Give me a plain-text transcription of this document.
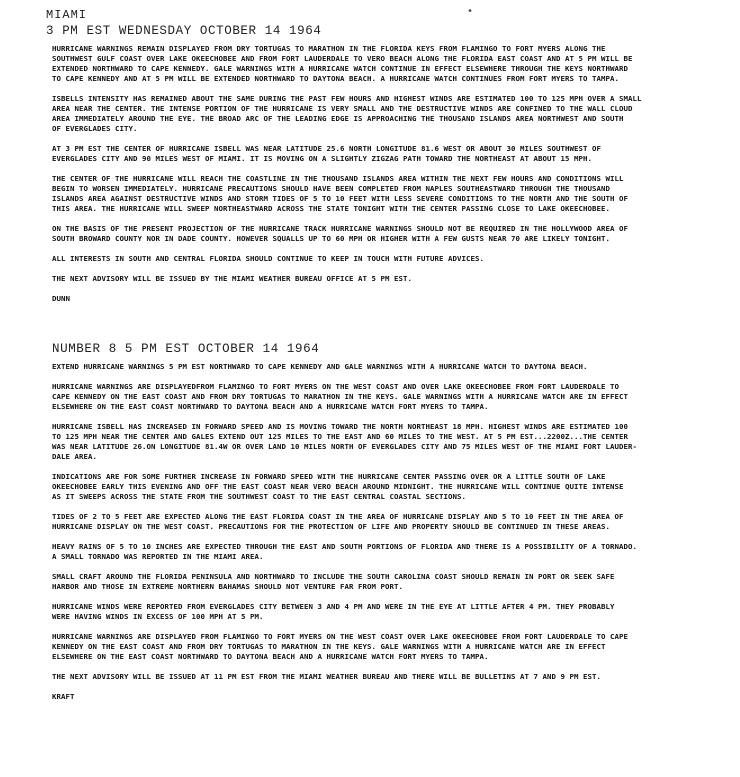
MIAMI
3 PM EST WEDNESDAY OCTOBER 14 1964
•
HURRICANE WARNINGS REMAIN DISPLAYED FROM DRY TORTUGAS TO MARATHON IN THE FLORIDA KEYS FROM FLAMINGO TO FORT MYERS ALONG THE
SOUTHWEST GULF COAST OVER LAKE OKEECHOBEE AND FROM FORT LAUDERDALE TO VERO BEACH ALONG THE FLORIDA EAST COAST AND AT 5 PM WILL BE
EXTENDED NORTHWARD TO CAPE KENNEDY. GALE WARNINGS WITH A HURRICANE WATCH CONTINUE IN EFFECT ELSEWHERE THROUGH THE KEYS NORTHWARD
TO CAPE KENNEDY AND AT 5 PM WILL BE EXTENDED NORTHWARD TO DAYTONA BEACH. A HURRICANE WATCH CONTINUES FROM FORT MYERS TO TAMPA.
ISBELLS INTENSITY HAS REMAINED ABOUT THE SAME DURING THE PAST FEW HOURS AND HIGHEST WINDS ARE ESTIMATED 100 TO 125 MPH OVER A SMALL
AREA NEAR THE CENTER. THE INTENSE PORTION OF THE HURRICANE IS VERY SMALL AND THE DESTRUCTIVE WINDS ARE CONFINED TO THE WALL CLOUD
AREA IMMEDIATELY AROUND THE EYE. THE BROAD ARC OF THE LEADING EDGE IS APPROACHING THE THOUSAND ISLANDS AREA NORTHWEST AND SOUTH
OF EVERGLADES CITY.
AT 3 PM EST THE CENTER OF HURRICANE ISBELL WAS NEAR LATITUDE 25.6 NORTH LONGITUDE 81.6 WEST OR ABOUT 30 MILES SOUTHWEST OF
EVERGLADES CITY AND 90 MILES WEST OF MIAMI. IT IS MOVING ON A SLIGHTLY ZIGZAG PATH TOWARD THE NORTHEAST AT ABOUT 15 MPH.
THE CENTER OF THE HURRICANE WILL REACH THE COASTLINE IN THE THOUSAND ISLANDS AREA WITHIN THE NEXT FEW HOURS AND CONDITIONS WILL
BEGIN TO WORSEN IMMEDIATELY. HURRICANE PRECAUTIONS SHOULD HAVE BEEN COMPLETED FROM NAPLES SOUTHEASTWARD THROUGH THE THOUSAND
ISLANDS AREA AGAINST DESTRUCTIVE WINDS AND STORM TIDES OF 5 TO 10 FEET WITH LESS SEVERE CONDITIONS TO THE NORTH AND THE SOUTH OF
THIS AREA. THE HURRICANE WILL SWEEP NORTHEASTWARD ACROSS THE STATE TONIGHT WITH THE CENTER PASSING CLOSE TO LAKE OKEECHOBEE.
ON THE BASIS OF THE PRESENT PROJECTION OF THE HURRICANE TRACK HURRICANE WARNINGS SHOULD NOT BE REQUIRED IN THE HOLLYWOOD AREA OF
SOUTH BROWARD COUNTY NOR IN DADE COUNTY. HOWEVER SQUALLS UP TO 60 MPH OR HIGHER WITH A FEW GUSTS NEAR 70 ARE LIKELY TONIGHT.
ALL INTERESTS IN SOUTH AND CENTRAL FLORIDA SHOULD CONTINUE TO KEEP IN TOUCH WITH FUTURE ADVICES.
THE NEXT ADVISORY WILL BE ISSUED BY THE MIAMI WEATHER BUREAU OFFICE AT 5 PM EST.
DUNN
NUMBER 8 5 PM EST OCTOBER 14 1964
EXTEND HURRICANE WARNINGS 5 PM EST NORTHWARD TO CAPE KENNEDY AND GALE WARNINGS WITH A HURRICANE WATCH TO DAYTONA BEACH.
HURRICANE WARNINGS ARE DISPLAYEDFROM FLAMINGO TO FORT MYERS ON THE WEST COAST AND OVER LAKE OKEECHOBEE FROM FORT LAUDERDALE TO
CAPE KENNEDY ON THE EAST COAST AND FROM DRY TORTUGAS TO MARATHON IN THE KEYS. GALE WARNINGS WITH A HURRICANE WATCH ARE IN EFFECT
ELSEWHERE ON THE EAST COAST NORTHWARD TO DAYTONA BEACH AND A HURRICANE WATCH FORT MYERS TO TAMPA.
HURRICANE ISBELL HAS INCREASED IN FORWARD SPEED AND IS MOVING TOWARD THE NORTH NORTHEAST 18 MPH. HIGHEST WINDS ARE ESTIMATED 100
TO 125 MPH NEAR THE CENTER AND GALES EXTEND OUT 125 MILES TO THE EAST AND 60 MILES TO THE WEST. AT 5 PM EST...2200Z...THE CENTER
WAS NEAR LATITUDE 26.ON LONGITUDE 81.4W OR OVER LAND 10 MILES NORTH OF EVERGLADES CITY AND 75 MILES WEST OF THE MIAMI FORT LAUDER-
DALE AREA.
INDICATIONS ARE FOR SOME FURTHER INCREASE IN FORWARD SPEED WITH THE HURRICANE CENTER PASSING OVER OR A LITTLE SOUTH OF LAKE
OKEECHOBEE EARLY THIS EVENING AND OFF THE EAST COAST NEAR VERO BEACH AROUND MIDNIGHT. THE HURRICANE WILL CONTINUE QUITE INTENSE
AS IT SWEEPS ACROSS THE STATE FROM THE SOUTHWEST COAST TO THE EAST CENTRAL COASTAL SECTIONS.
TIDES OF 2 TO 5 FEET ARE EXPECTED ALONG THE EAST FLORIDA COAST IN THE AREA OF HURRICANE DISPLAY AND 5 TO 10 FEET IN THE AREA OF
HURRICANE DISPLAY ON THE WEST COAST. PRECAUTIONS FOR THE PROTECTION OF LIFE AND PROPERTY SHOULD BE CONTINUED IN THESE AREAS.
HEAVY RAINS OF 5 TO 10 INCHES ARE EXPECTED THROUGH THE EAST AND SOUTH PORTIONS OF FLORIDA AND THERE IS A POSSIBILITY OF A TORNADO.
A SMALL TORNADO WAS REPORTED IN THE MIAMI AREA.
SMALL CRAFT AROUND THE FLORIDA PENINSULA AND NORTHWARD TO INCLUDE THE SOUTH CAROLINA COAST SHOULD REMAIN IN PORT OR SEEK SAFE
HARBOR AND THOSE IN EXTREME NORTHERN BAHAMAS SHOULD NOT VENTURE FAR FROM PORT.
HURRICANE WINDS WERE REPORTED FROM EVERGLADES CITY BETWEEN 3 AND 4 PM AND WERE IN THE EYE AT LITTLE AFTER 4 PM. THEY PROBABLY
WERE HAVING WINDS IN EXCESS OF 100 MPH AT 5 PM.
HURRICANE WARNINGS ARE DISPLAYED FROM FLAMINGO TO FORT MYERS ON THE WEST COAST OVER LAKE OKEECHOBEE FROM FORT LAUDERDALE TO CAPE
KENNEDY ON THE EAST COAST AND FROM DRY TORTUGAS TO MARATHON IN THE KEYS. GALE WARNINGS WITH A HURRICANE WATCH ARE IN EFFECT
ELSEWHERE ON THE EAST COAST NORTHWARD TO DAYTONA BEACH AND A HURRICANE WATCH FORT MYERS TO TAMPA.
THE NEXT ADVISORY WILL BE ISSUED AT 11 PM EST FROM THE MIAMI WEATHER BUREAU AND THERE WILL BE BULLETINS AT 7 AND 9 PM EST.
KRAFT
